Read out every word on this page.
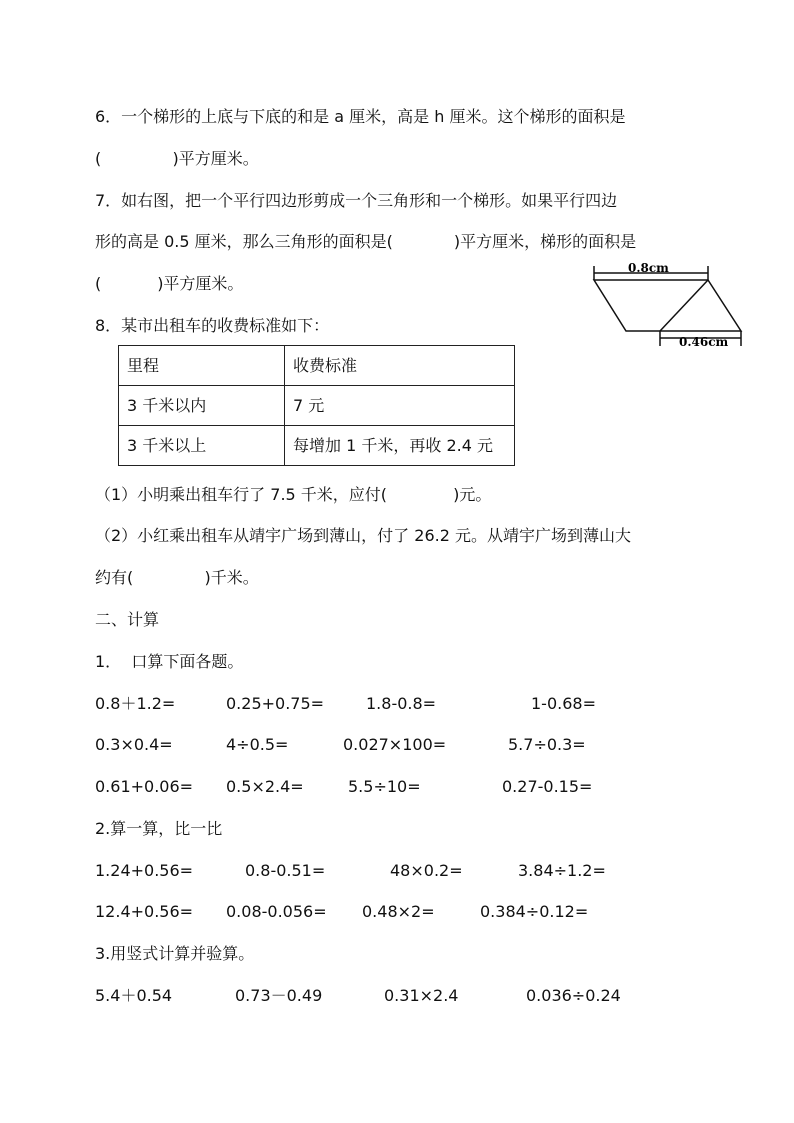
6．一个梯形的上底与下底的和是 a 厘米，高是 h 厘米。这个梯形的面积是
(              )平方厘米。
7．如右图，把一个平行四边形剪成一个三角形和一个梯形。如果平行四边
形的高是 0.5 厘米，那么三角形的面积是(            )平方厘米，梯形的面积是
(           )平方厘米。
0.8cm
0.46cm
8．某市出租车的收费标准如下：
里程	收费标准
3 千米以内	7 元
3 千米以上	每增加 1 千米，再收 2.4 元
（1）小明乘出租车行了 7.5 千米，应付(             )元。
（2）小红乘出租车从靖宇广场到薄山，付了 26.2 元。从靖宇广场到薄山大
约有(              )千米。
二、计算
1．  口算下面各题。
0.8＋1.2=	0.25+0.75=	1.8-0.8=	1-0.68=
0.3×0.4=	4÷0.5=	0.027×100=	5.7÷0.3=
0.61+0.06= 0.5×2.4=	5.5÷10=	0.27-0.15=
2.算一算，比一比
1.24+0.56=	0.8-0.51=	48×0.2=	3.84÷1.2=
12.4+0.56= 0.08-0.056= 0.48×2=	0.384÷0.12=
3.用竖式计算并验算。
5.4＋0.54	0.73－0.49	0.31×2.4	0.036÷0.24
